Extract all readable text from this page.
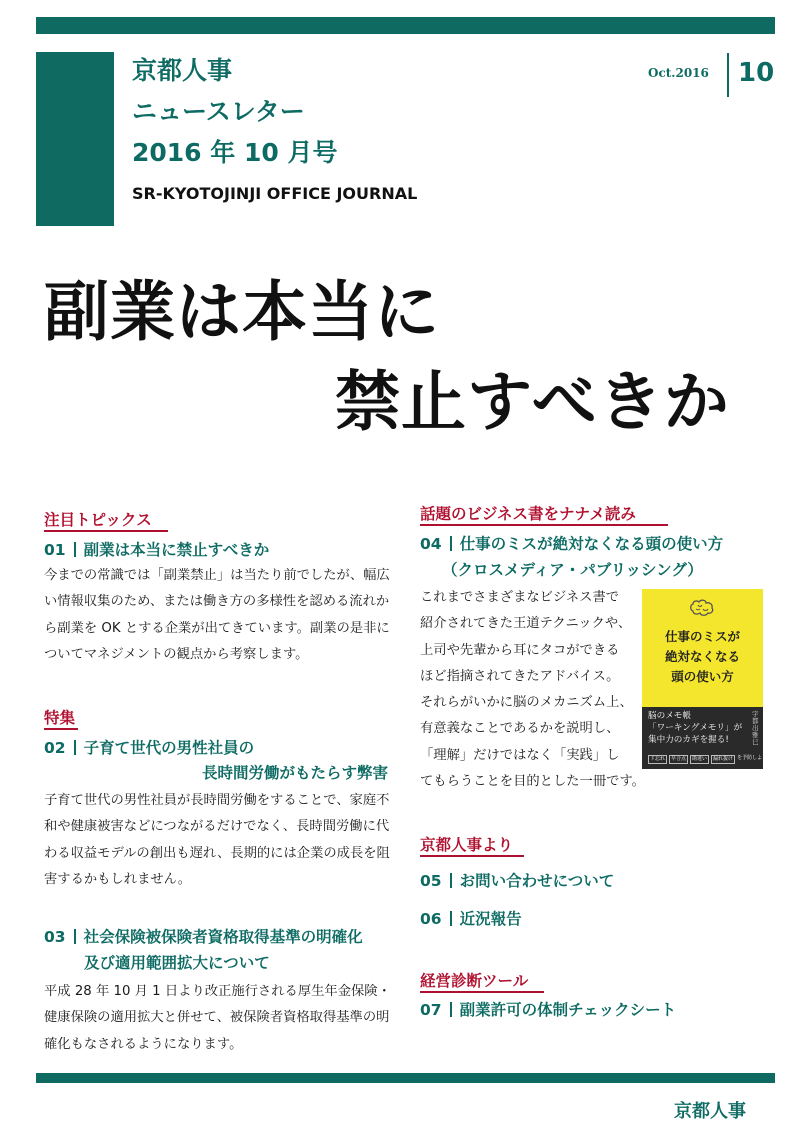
京都人事
ニュースレター
2016 年 10 月号
SR-KYOTOJINJI OFFICE JOURNAL
Oct.2016 10
副業は本当に
禁止すべきか
注目トピックス
01 副業は本当に禁止すべきか

今までの常識では「副業禁止」は当たり前でしたが、幅広

い情報収集のため、または働き方の多様性を認める流れか

ら副業を OK とする企業が出てきています。副業の是非に

ついてマネジメントの観点から考察します。

特集
02 子育て世代の男性社員の
長時間労働がもたらす弊害

子育て世代の男性社員が長時間労働をすることで、家庭不

和や健康被害などにつながるだけでなく、長時間労働に代

わる収益モデルの創出も遅れ、長期的には企業の成長を阻

害するかもしれません。

03 社会保険被保険者資格取得基準の明確化
及び適用範囲拡大について

平成 28 年 10 月 1 日より改正施行される厚生年金保険・

健康保険の適用拡大と併せて、被保険者資格取得基準の明

確化もなされるようになります。

話題のビジネス書をナナメ読み
04 仕事のミスが絶対なくなる頭の使い方
（クロスメディア・パブリッシング）

これまでさまざまなビジネス書で

紹介されてきた王道テクニックや、

上司や先輩から耳にタコができる

ほど指摘されてきたアドバイス。

それらがいかに脳のメカニズム上、

有意義なことであるかを説明し、

「理解」だけではなく「実践」し

てもらうことを目的とした一冊です。

仕事のミスが
絶対なくなる
頭の使い方
脳のメモ帳
「ワーキングメモリ」が
集中力のカギを握る!
宇都出雅巳
ド忘れ	早合点	勘違い	漏れ抜け を予防しよう
京都人事より
05 お問い合わせについて
06 近況報告
経営診断ツール
07 副業許可の体制チェックシート
京都人事
